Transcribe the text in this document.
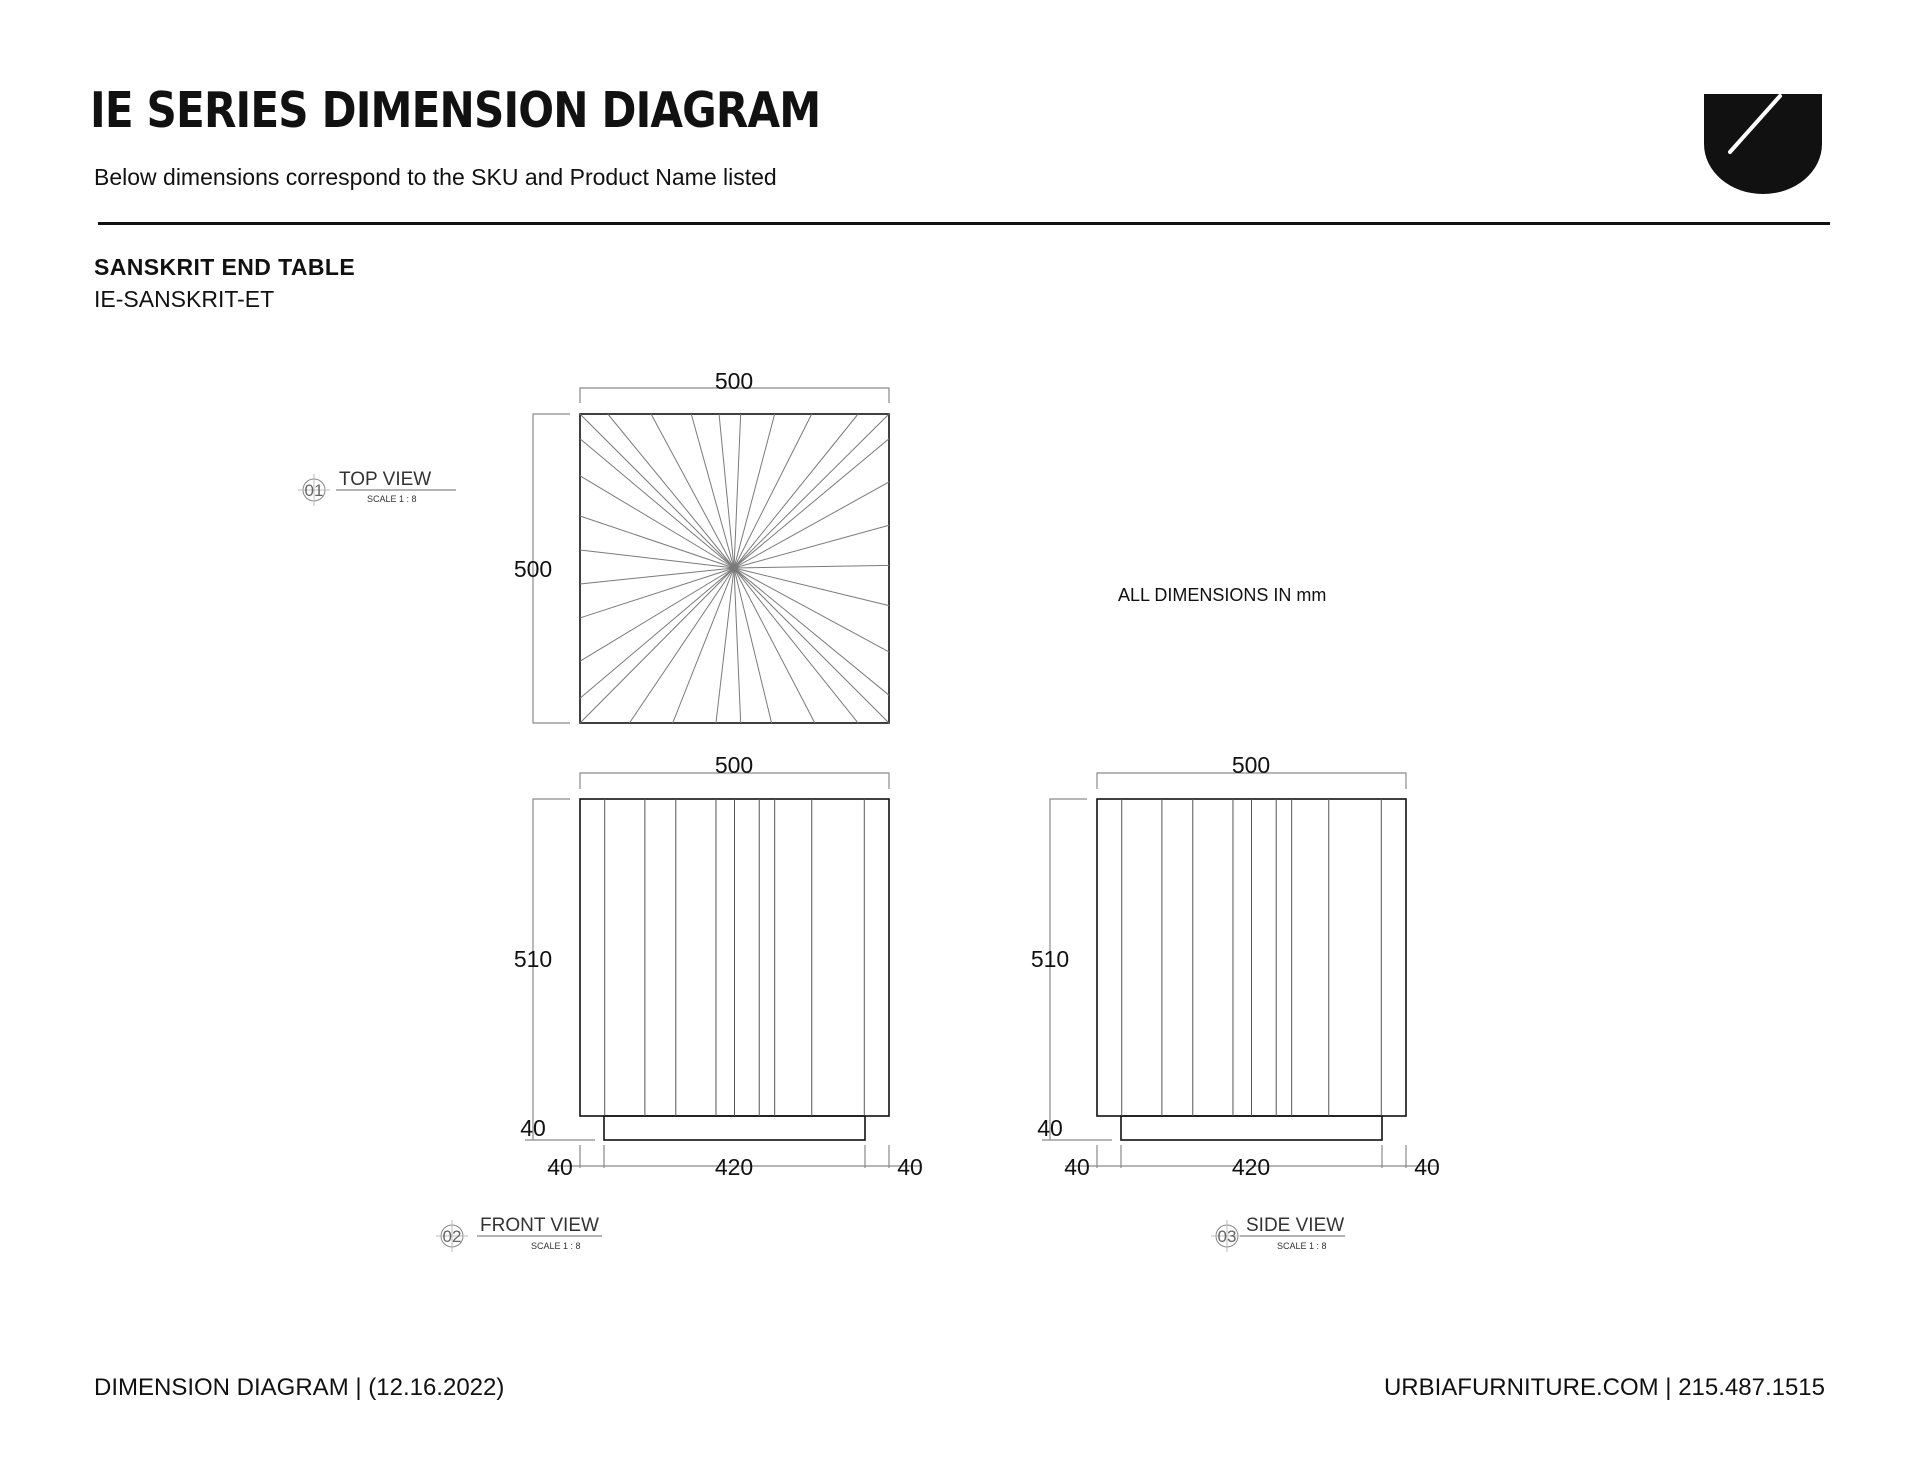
IE SERIES DIMENSION DIAGRAM

Below dimensions correspond to the SKU and Product Name listed

SANSKRIT END TABLE

IE-SANSKRIT-ET

500
500
01
TOP VIEW
SCALE 1 : 8
500
510
40
40	420	40
02
FRONT VIEW
SCALE 1 : 8
500
510
40
40	420	40
03
SIDE VIEW
SCALE 1 : 8
ALL DIMENSIONS IN mm
DIMENSION DIAGRAM | (12.16.2022)	URBIAFURNITURE.COM | 215.487.1515
